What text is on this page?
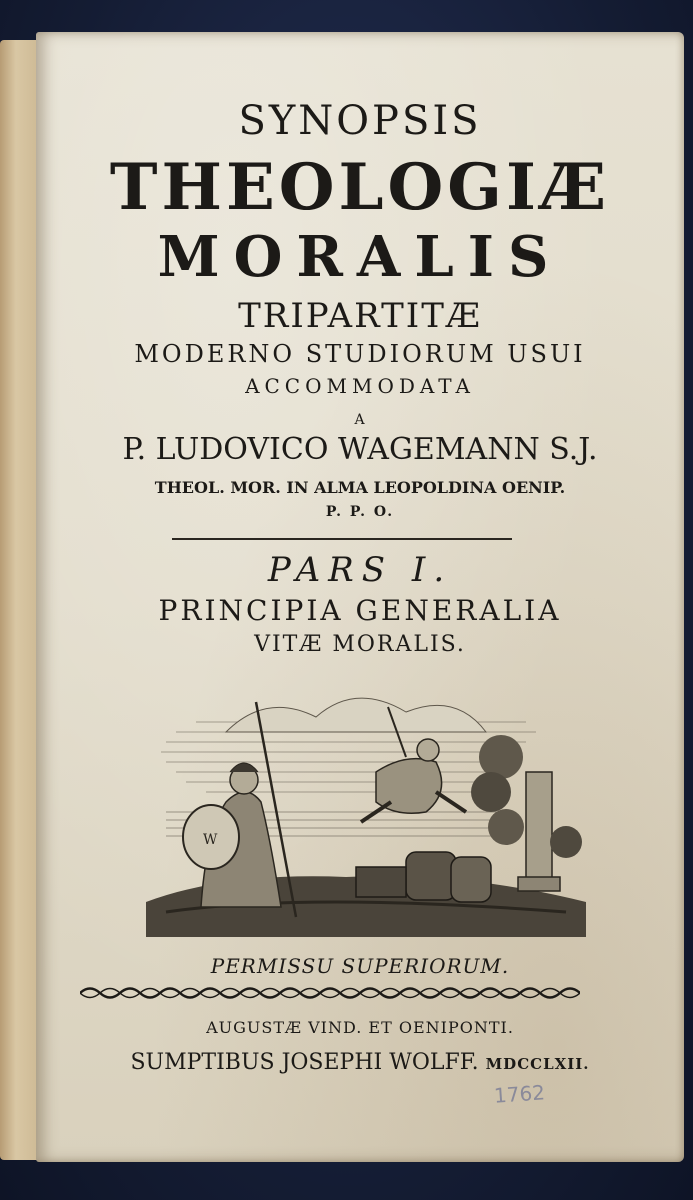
SYNOPSIS
THEOLOGIÆ
MORALIS
TRIPARTITÆ
MODERNO STUDIORUM USUI
ACCOMMODATA
A
P. LUDOVICO WAGEMANN S.J.
THEOL. MOR. IN ALMA LEOPOLDINA OENIP.
P. P. O.
PARS I.
PRINCIPIA GENERALIA
VITÆ MORALIS.
W
PERMISSU SUPERIORUM.
AUGUSTÆ VIND. ET OENIPONTI.
SUMPTIBUS JOSEPHI WOLFF. MDCCLXII.
1762
